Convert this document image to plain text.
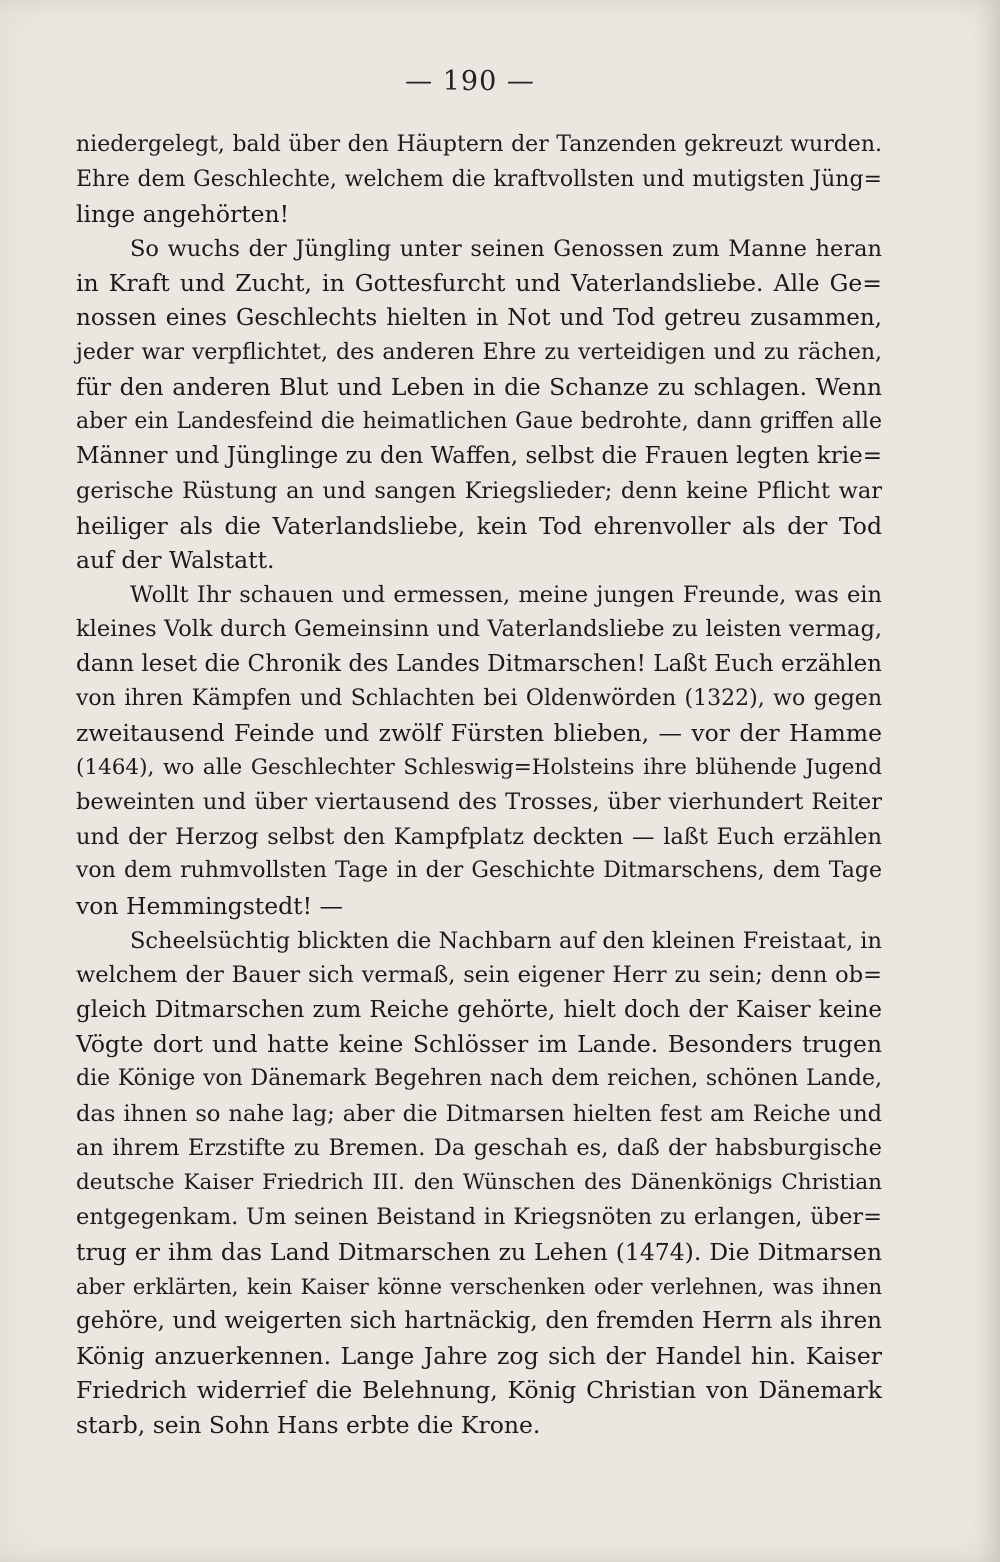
— 190 —
niedergelegt, bald über den Häuptern der Tanzenden gekreuzt wurden.
Ehre dem Geschlechte, welchem die kraftvollsten und mutigsten Jüng=
linge angehörten!
So wuchs der Jüngling unter seinen Genossen zum Manne heran
in Kraft und Zucht, in Gottesfurcht und Vaterlandsliebe. Alle Ge=
nossen eines Geschlechts hielten in Not und Tod getreu zusammen,
jeder war verpflichtet, des anderen Ehre zu verteidigen und zu rächen,
für den anderen Blut und Leben in die Schanze zu schlagen. Wenn
aber ein Landesfeind die heimatlichen Gaue bedrohte, dann griffen alle
Männer und Jünglinge zu den Waffen, selbst die Frauen legten krie=
gerische Rüstung an und sangen Kriegslieder; denn keine Pflicht war
heiliger als die Vaterlandsliebe, kein Tod ehrenvoller als der Tod
auf der Walstatt.
Wollt Ihr schauen und ermessen, meine jungen Freunde, was ein
kleines Volk durch Gemeinsinn und Vaterlandsliebe zu leisten vermag,
dann leset die Chronik des Landes Ditmarschen! Laßt Euch erzählen
von ihren Kämpfen und Schlachten bei Oldenwörden (1322), wo gegen
zweitausend Feinde und zwölf Fürsten blieben, — vor der Hamme
(1464), wo alle Geschlechter Schleswig=Holsteins ihre blühende Jugend
beweinten und über viertausend des Trosses, über vierhundert Reiter
und der Herzog selbst den Kampfplatz deckten — laßt Euch erzählen
von dem ruhmvollsten Tage in der Geschichte Ditmarschens, dem Tage
von Hemmingstedt! —
Scheelsüchtig blickten die Nachbarn auf den kleinen Freistaat, in
welchem der Bauer sich vermaß, sein eigener Herr zu sein; denn ob=
gleich Ditmarschen zum Reiche gehörte, hielt doch der Kaiser keine
Vögte dort und hatte keine Schlösser im Lande. Besonders trugen
die Könige von Dänemark Begehren nach dem reichen, schönen Lande,
das ihnen so nahe lag; aber die Ditmarsen hielten fest am Reiche und
an ihrem Erzstifte zu Bremen. Da geschah es, daß der habsburgische
deutsche Kaiser Friedrich III. den Wünschen des Dänenkönigs Christian
entgegenkam. Um seinen Beistand in Kriegsnöten zu erlangen, über=
trug er ihm das Land Ditmarschen zu Lehen (1474). Die Ditmarsen
aber erklärten, kein Kaiser könne verschenken oder verlehnen, was ihnen
gehöre, und weigerten sich hartnäckig, den fremden Herrn als ihren
König anzuerkennen. Lange Jahre zog sich der Handel hin. Kaiser
Friedrich widerrief die Belehnung, König Christian von Dänemark
starb, sein Sohn Hans erbte die Krone.
